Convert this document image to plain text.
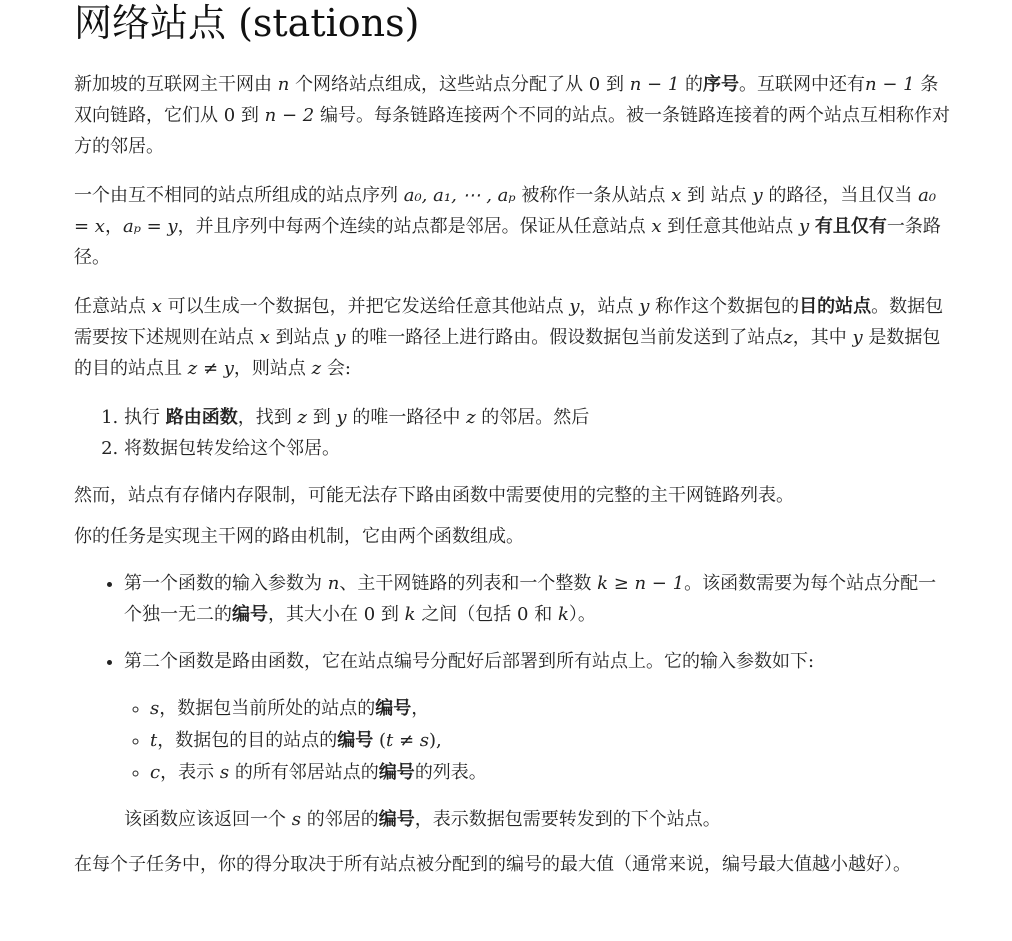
网络站点 (stations)

新加坡的互联网主干网由 n 个网络站点组成，这些站点分配了从 0 到 n − 1 的序号。互联网中还有n − 1 条双向链路，它们从 0 到 n − 2 编号。每条链路连接两个不同的站点。被一条链路连接着的两个站点互相称作对方的邻居。

一个由互不相同的站点所组成的站点序列 a₀, a₁, ⋯ , aₚ 被称作一条从站点 x 到 站点 y 的路径，当且仅当 a₀ = x，aₚ = y，并且序列中每两个连续的站点都是邻居。保证从任意站点 x 到任意其他站点 y 有且仅有一条路径。

任意站点 x 可以生成一个数据包，并把它发送给任意其他站点 y，站点 y 称作这个数据包的目的站点。数据包需要按下述规则在站点 x 到站点 y 的唯一路径上进行路由。假设数据包当前发送到了站点z，其中 y 是数据包的目的站点且 z ≠ y，则站点 z 会:

1. 执行 路由函数，找到 z 到 y 的唯一路径中 z 的邻居。然后
2. 将数据包转发给这个邻居。

然而，站点有存储内存限制，可能无法存下路由函数中需要使用的完整的主干网链路列表。

你的任务是实现主干网的路由机制，它由两个函数组成。

• 第一个函数的输入参数为 n、主干网链路的列表和一个整数 k ≥ n − 1。该函数需要为每个站点分配一个独一无二的编号，其大小在 0 到 k 之间（包括 0 和 k）。
• 第二个函数是路由函数，它在站点编号分配好后部署到所有站点上。它的输入参数如下:
◦ s，数据包当前所处的站点的编号，
◦ t，数据包的目的站点的编号 (t ≠ s),
◦ c，表示 s 的所有邻居站点的编号的列表。

该函数应该返回一个 s 的邻居的编号，表示数据包需要转发到的下个站点。

在每个子任务中，你的得分取决于所有站点被分配到的编号的最大值（通常来说，编号最大值越小越好）。
